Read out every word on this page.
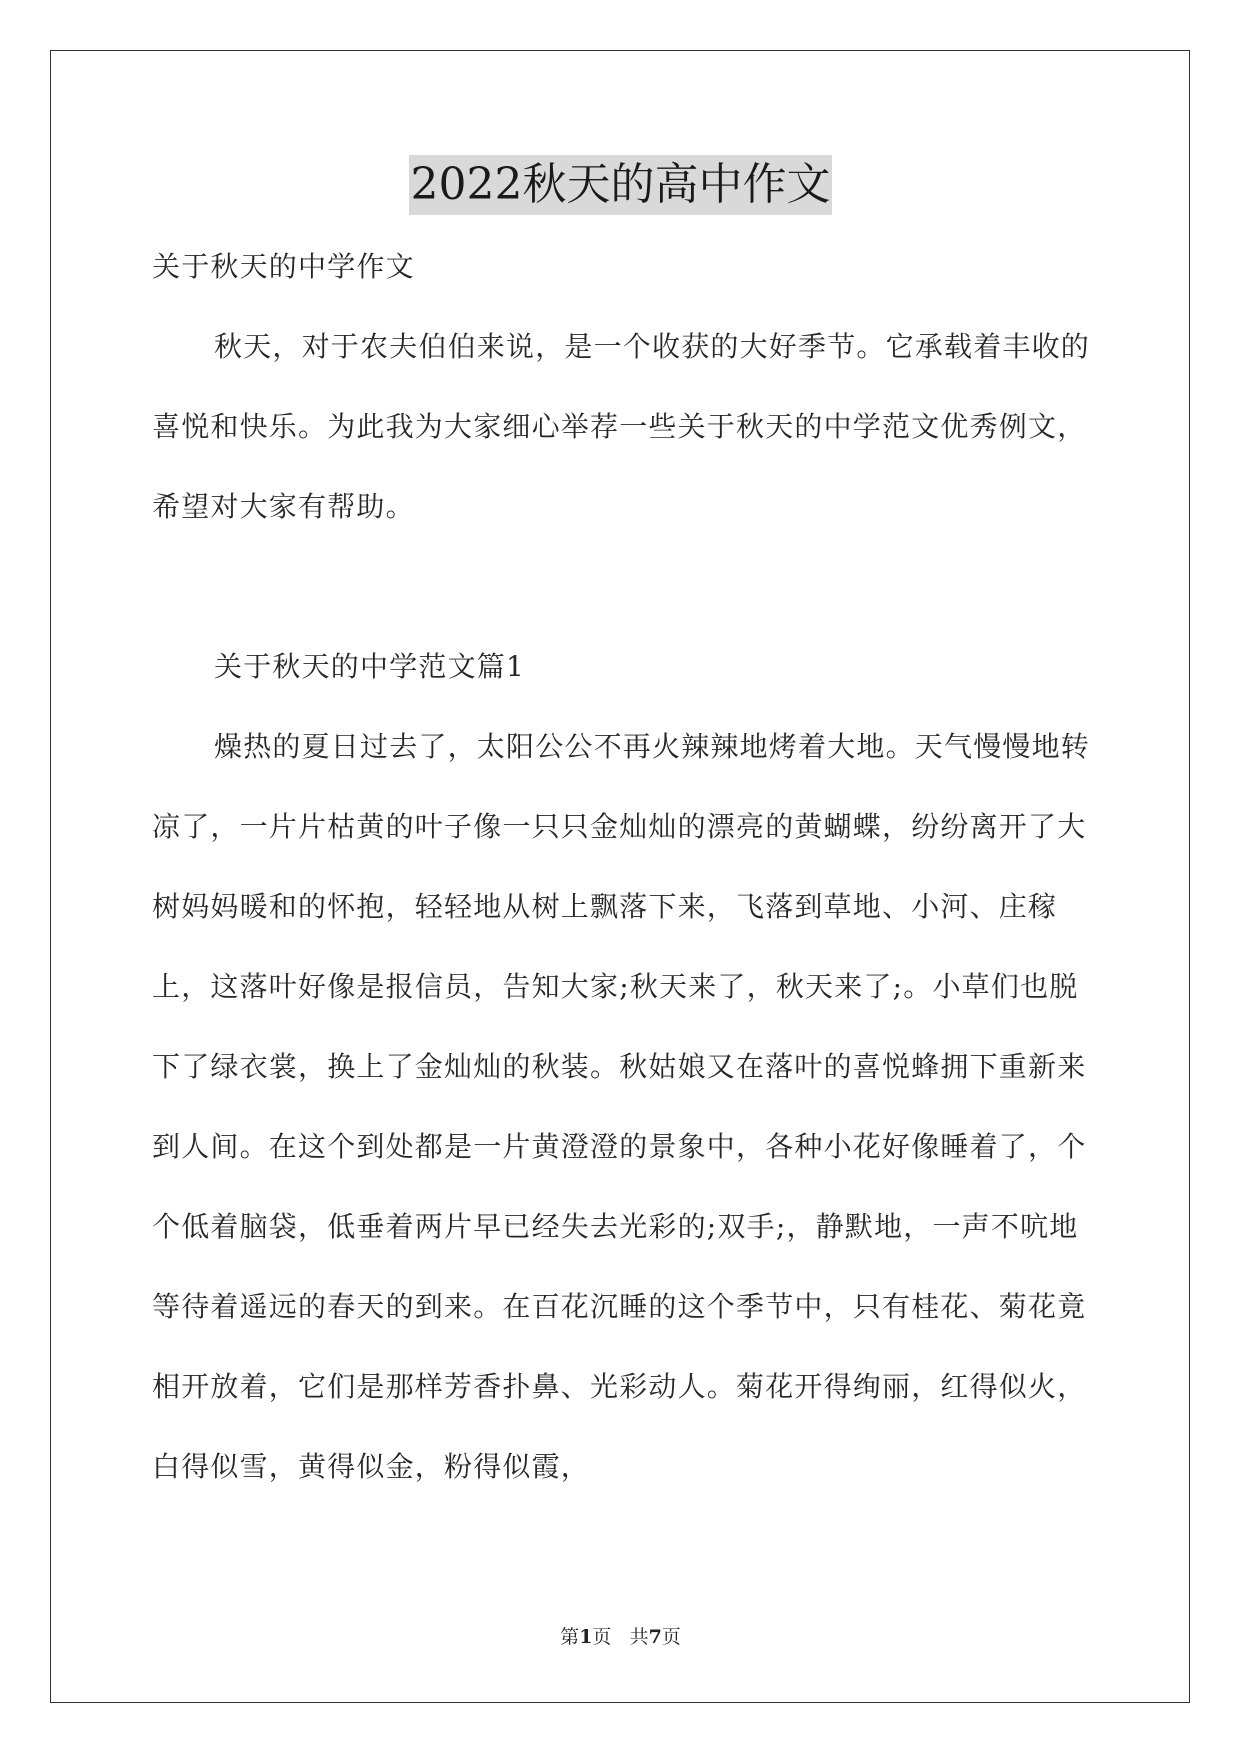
2022秋天的高中作文

关于秋天的中学作文

秋天，对于农夫伯伯来说，是一个收获的大好季节。它承载着丰收的喜悦和快乐。为此我为大家细心举荐一些关于秋天的中学范文优秀例文，希望对大家有帮助。

关于秋天的中学范文篇1

燥热的夏日过去了，太阳公公不再火辣辣地烤着大地。天气慢慢地转凉了，一片片枯黄的叶子像一只只金灿灿的漂亮的黄蝴蝶，纷纷离开了大树妈妈暖和的怀抱，轻轻地从树上飘落下来，飞落到草地、小河、庄稼上，这落叶好像是报信员，告知大家;秋天来了，秋天来了;。小草们也脱下了绿衣裳，换上了金灿灿的秋装。秋姑娘又在落叶的喜悦蜂拥下重新来到人间。在这个到处都是一片黄澄澄的景象中，各种小花好像睡着了，个个低着脑袋，低垂着两片早已经失去光彩的;双手;，静默地，一声不吭地等待着遥远的春天的到来。在百花沉睡的这个季节中，只有桂花、菊花竟相开放着，它们是那样芳香扑鼻、光彩动人。菊花开得绚丽，红得似火，白得似雪，黄得似金，粉得似霞，

第1页 共7页
